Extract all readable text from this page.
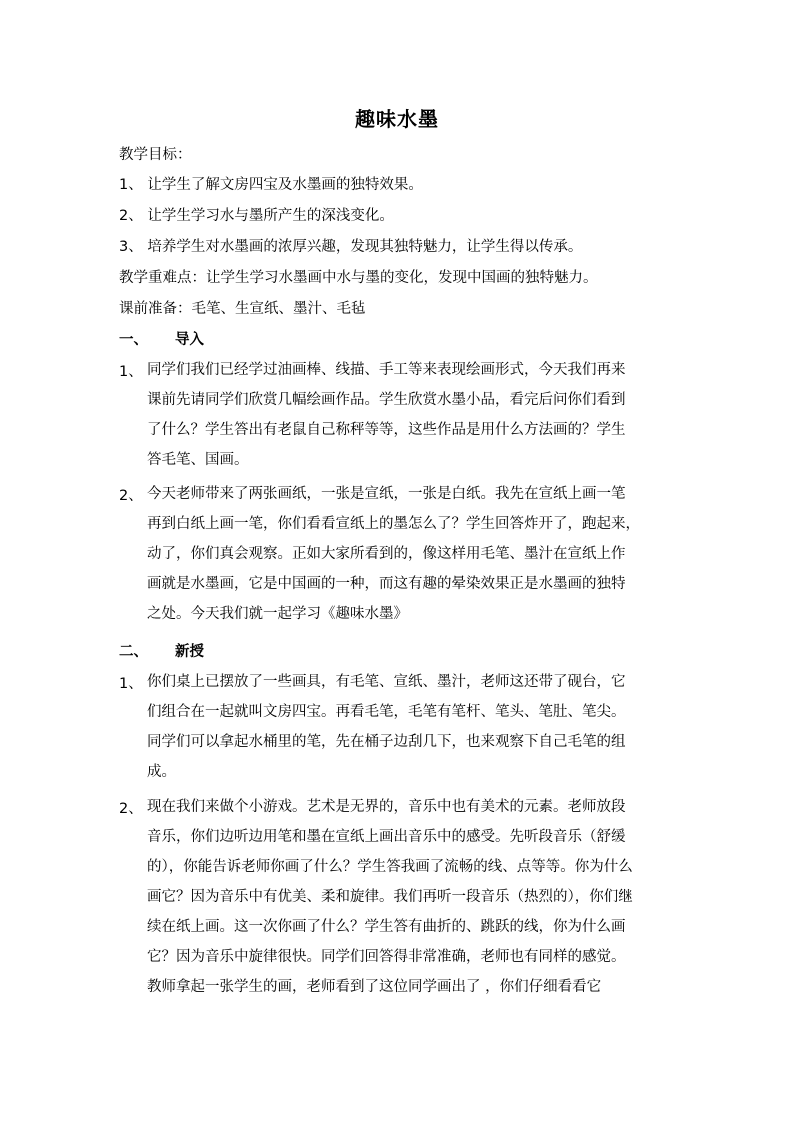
趣味水墨
教学目标：
1、 让学生了解文房四宝及水墨画的独特效果。
2、 让学生学习水与墨所产生的深浅变化。
3、 培养学生对水墨画的浓厚兴趣，发现其独特魅力，让学生得以传承。
教学重难点：让学生学习水墨画中水与墨的变化，发现中国画的独特魅力。
课前准备：毛笔、生宣纸、墨汁、毛毡
一、 导入
1、 同学们我们已经学过油画棒、线描、手工等来表现绘画形式，今天我们再来
课前先请同学们欣赏几幅绘画作品。学生欣赏水墨小品，看完后问你们看到
了什么？学生答出有老鼠自己称秤等等，这些作品是用什么方法画的？学生
答毛笔、国画。
2、 今天老师带来了两张画纸，一张是宣纸，一张是白纸。我先在宣纸上画一笔
再到白纸上画一笔，你们看看宣纸上的墨怎么了？学生回答炸开了，跑起来，
动了，你们真会观察。正如大家所看到的，像这样用毛笔、墨汁在宣纸上作
画就是水墨画，它是中国画的一种，而这有趣的晕染效果正是水墨画的独特
之处。今天我们就一起学习《趣味水墨》
二、 新授
1、 你们桌上已摆放了一些画具，有毛笔、宣纸、墨汁，老师这还带了砚台，它
们组合在一起就叫文房四宝。再看毛笔，毛笔有笔杆、笔头、笔肚、笔尖。
同学们可以拿起水桶里的笔，先在桶子边刮几下，也来观察下自己毛笔的组
成。
2、 现在我们来做个小游戏。艺术是无界的，音乐中也有美术的元素。老师放段
音乐，你们边听边用笔和墨在宣纸上画出音乐中的感受。先听段音乐（舒缓
的），你能告诉老师你画了什么？学生答我画了流畅的线、点等等。你为什么
画它？因为音乐中有优美、柔和旋律。我们再听一段音乐（热烈的），你们继
续在纸上画。这一次你画了什么？学生答有曲折的、跳跃的线，你为什么画
它？因为音乐中旋律很快。同学们回答得非常准确，老师也有同样的感觉。
教师拿起一张学生的画，老师看到了这位同学画出了 ，你们仔细看看它
